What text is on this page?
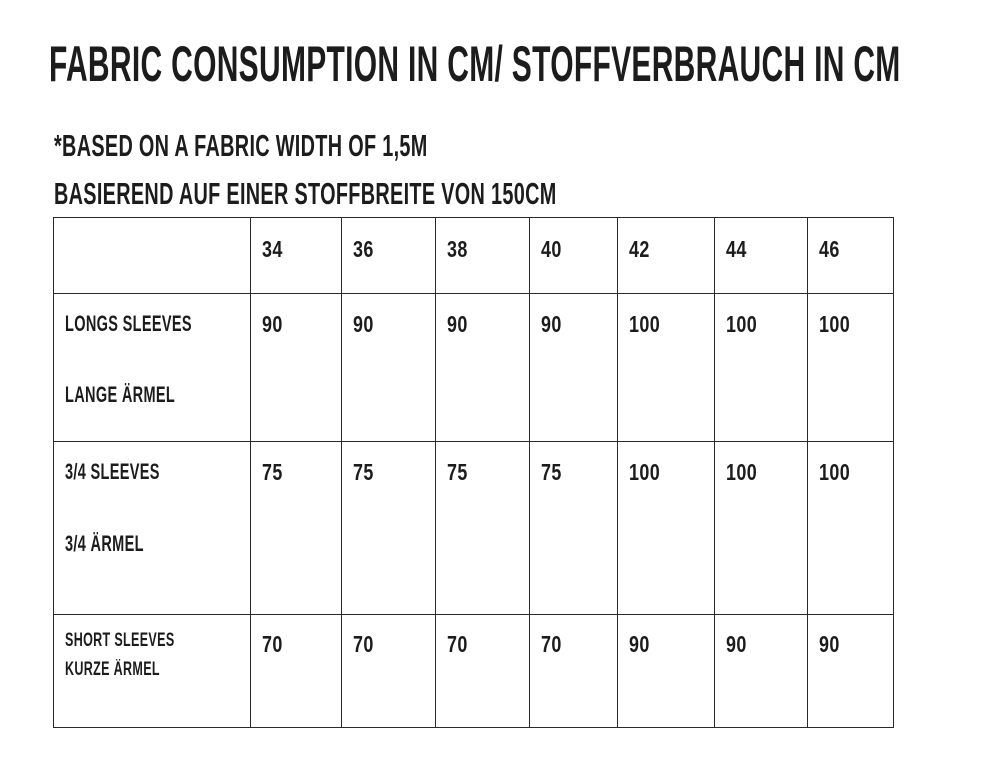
FABRIC CONSUMPTION IN CM/ STOFFVERBRAUCH IN CM
*BASED ON A FABRIC WIDTH OF 1,5M
BASIEREND AUF EINER STOFFBREITE VON 150CM

	34	36	38	40	42	44	46

LONGS SLEEVES
LANGE ÄRMEL	90	90	90	90	100	100	100

3/4 SLEEVES
3/4 ÄRMEL	75	75	75	75	100	100	100

SHORT SLEEVES
KURZE ÄRMEL	70	70	70	70	90	90	90
